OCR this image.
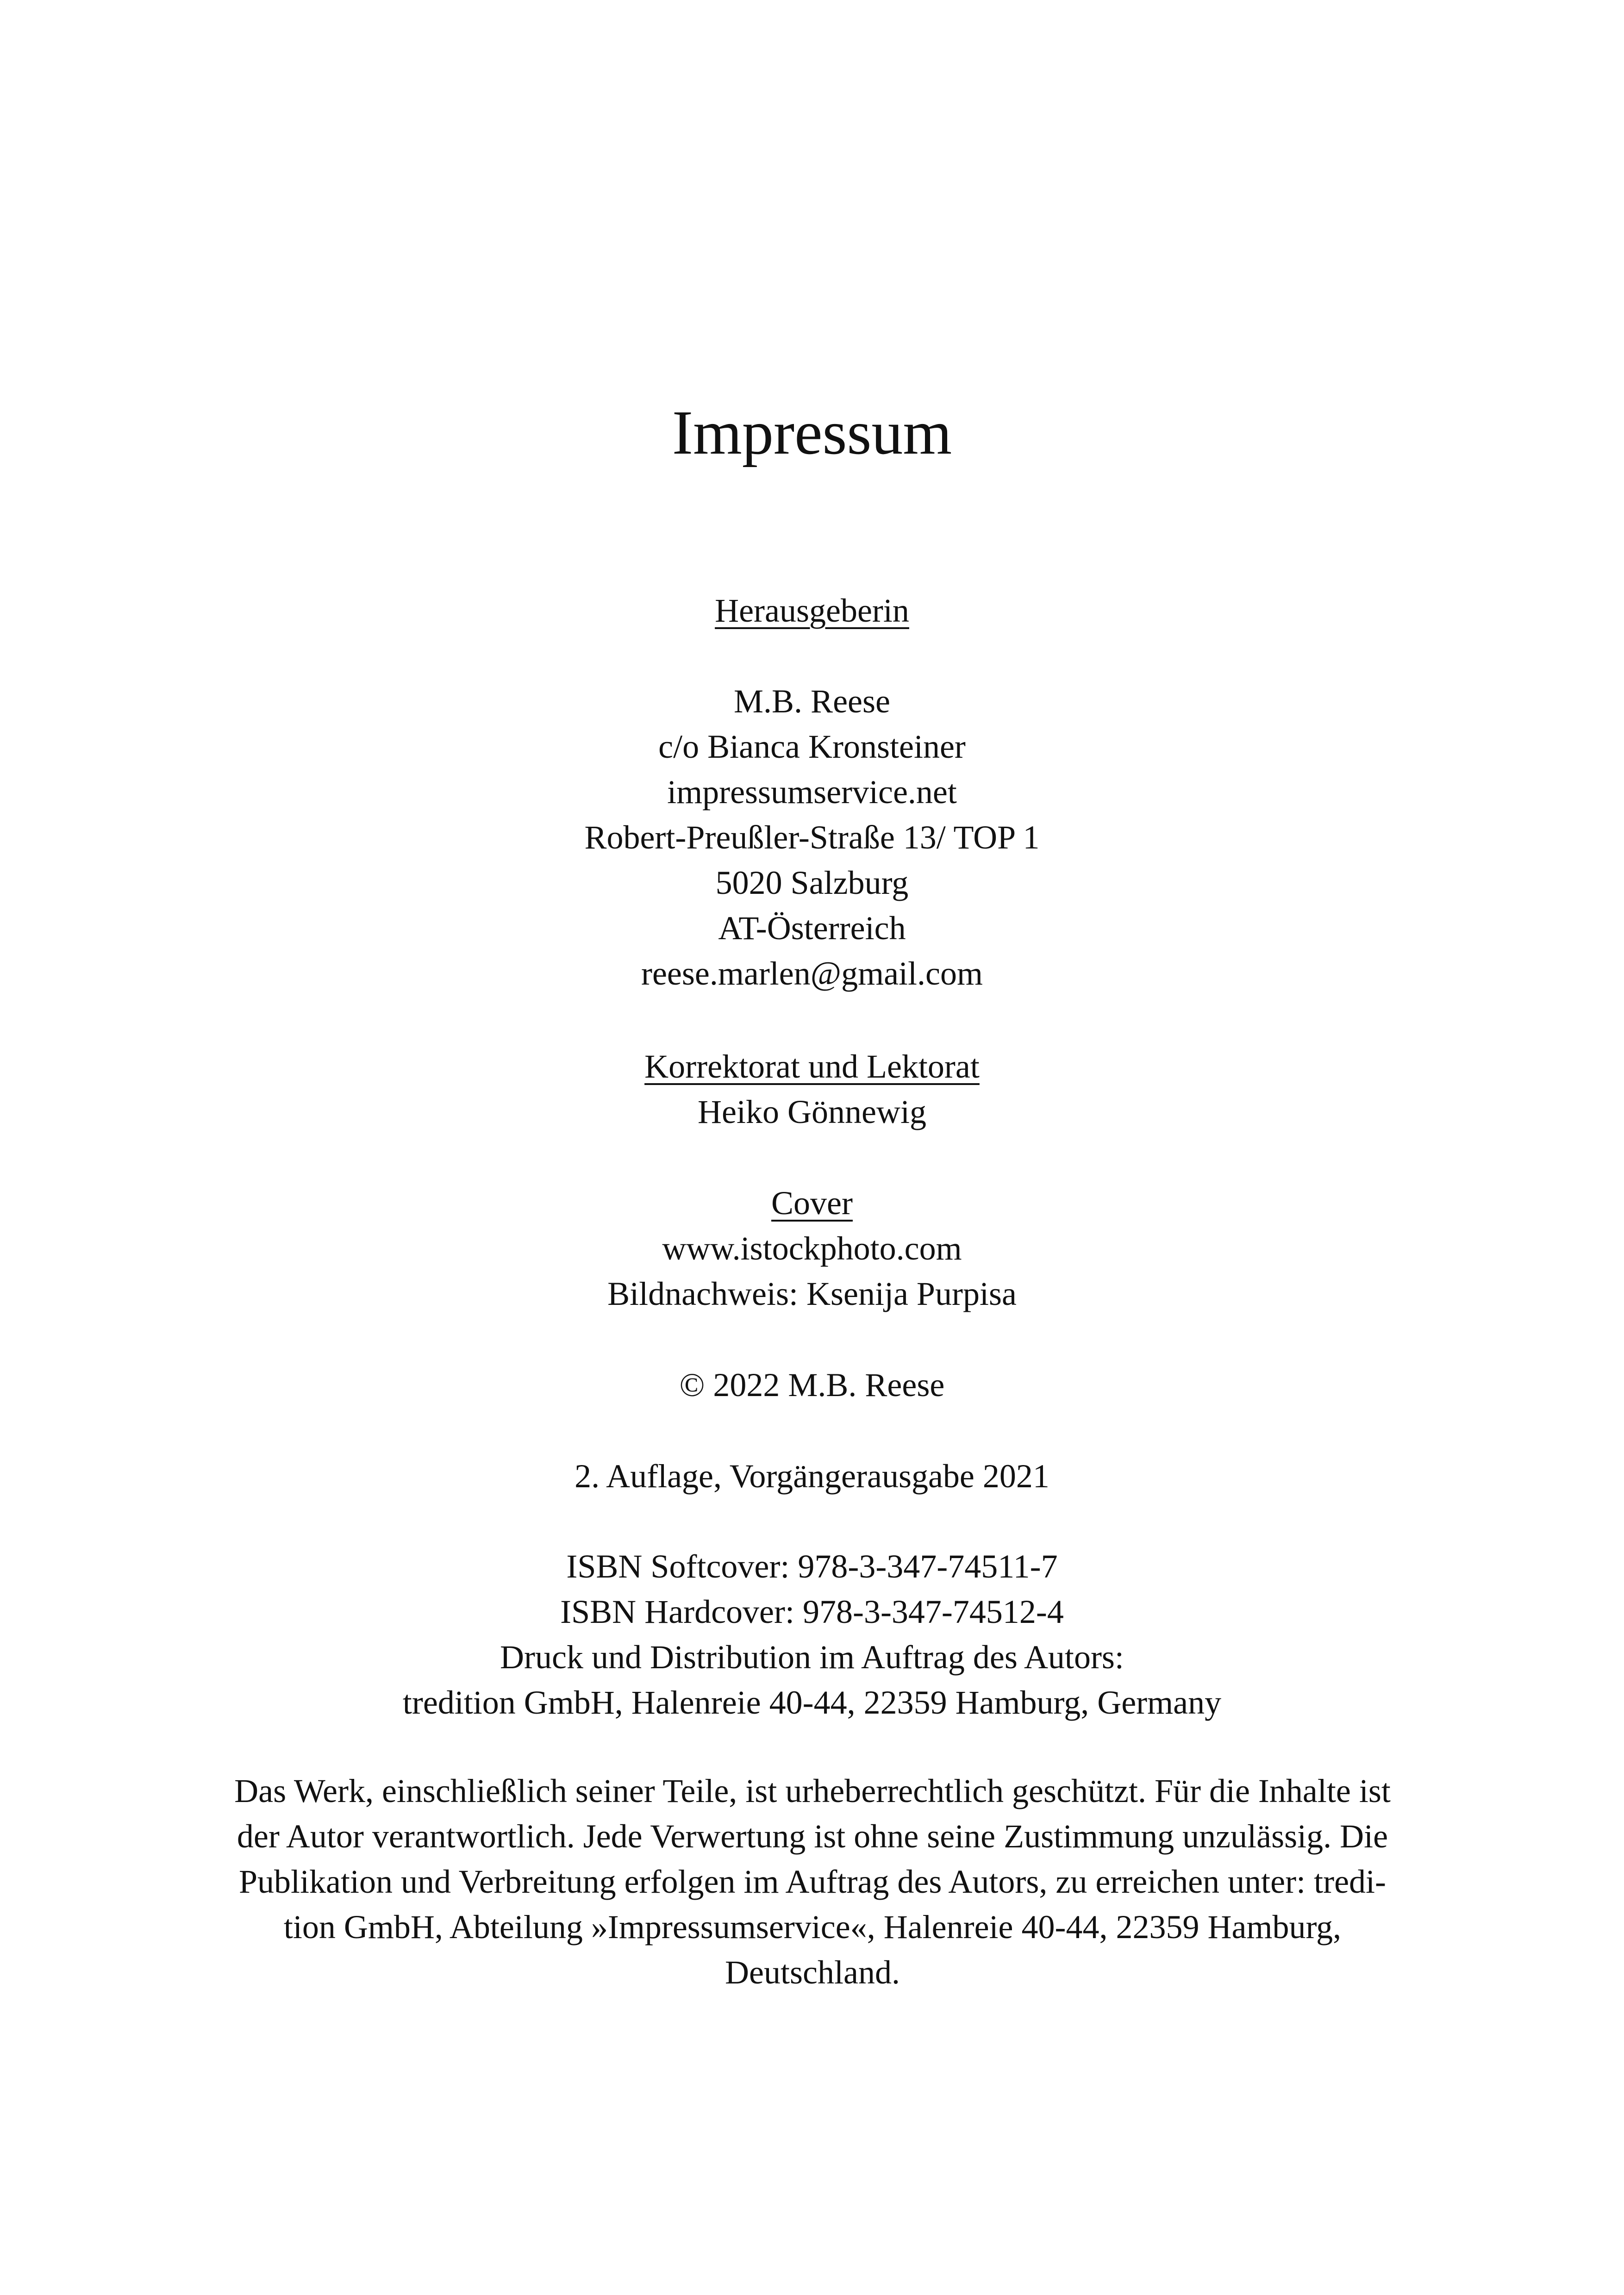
Impressum
Herausgeberin
M.B. Reese
c/o Bianca Kronsteiner
impressumservice.net
Robert-Preußler-Straße 13/ TOP 1
5020 Salzburg
AT-Österreich
reese.marlen@gmail.com
Korrektorat und Lektorat
Heiko Gönnewig
Cover
www.istockphoto.com
Bildnachweis: Ksenija Purpisa
© 2022 M.B. Reese
2. Auflage, Vorgängerausgabe 2021
ISBN Softcover: 978-3-347-74511-7
ISBN Hardcover: 978-3-347-74512-4
Druck und Distribution im Auftrag des Autors:
tredition GmbH, Halenreie 40-44, 22359 Hamburg, Germany
Das Werk, einschließlich seiner Teile, ist urheberrechtlich geschützt. Für die Inhalte ist
der Autor verantwortlich. Jede Verwertung ist ohne seine Zustimmung unzulässig. Die
Publikation und Verbreitung erfolgen im Auftrag des Autors, zu erreichen unter: tredi-
tion GmbH, Abteilung »Impressumservice«, Halenreie 40-44, 22359 Hamburg,
Deutschland.
